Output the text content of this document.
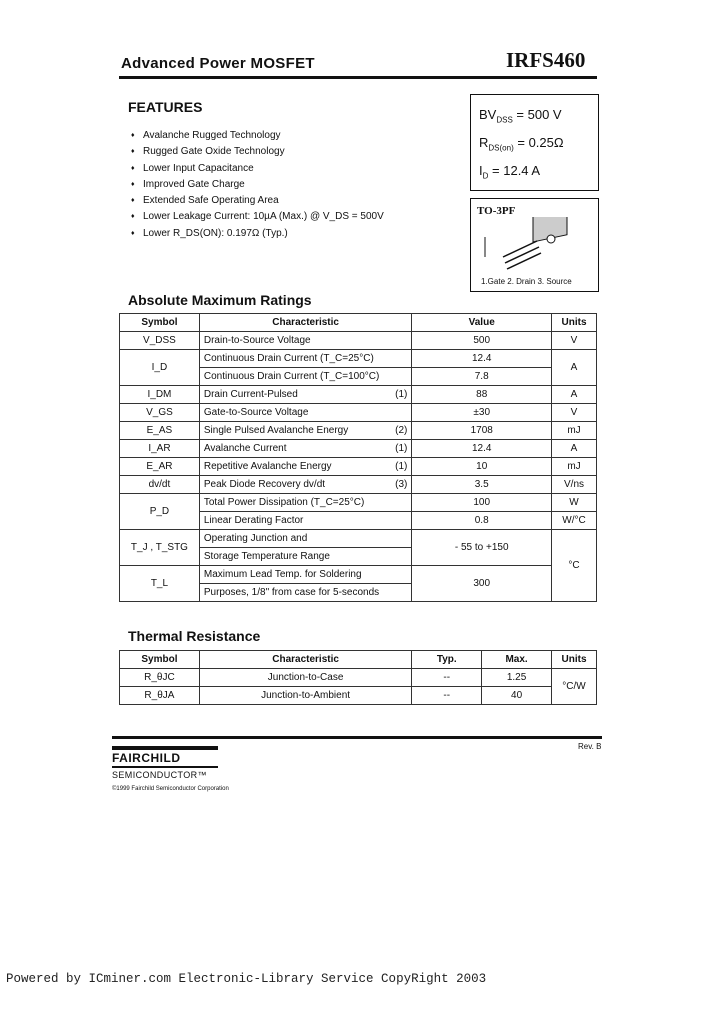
Advanced Power MOSFET	IRFS460
FEATURES
♦ Avalanche Rugged Technology
♦ Rugged Gate Oxide Technology
♦ Lower Input Capacitance
♦ Improved Gate Charge
♦ Extended Safe Operating Area
♦ Lower Leakage Current: 10µA (Max.) @ V_DS = 500V
♦ Lower R_DS(ON): 0.197Ω (Typ.)
$BV_{DSS} = 500$ V
$R_{DS(on)} = 0.25\Omega$
$I_D = 12.4$ A
TO-3PF
1.Gate 2. Drain 3. Source
Absolute Maximum Ratings
Symbol	Characteristic	Value	Units
V_DSS	Drain-to-Source Voltage	500	V
I_D	Continuous Drain Current (T_C=25°C)	12.4	A
	Continuous Drain Current (T_C=100°C)	7.8	
I_DM	Drain Current-Pulsed (1)	88	A
V_GS	Gate-to-Source Voltage	±30	V
E_AS	Single Pulsed Avalanche Energy (2)	1708	mJ
I_AR	Avalanche Current (1)	12.4	A
E_AR	Repetitive Avalanche Energy (1)	10	mJ
dv/dt	Peak Diode Recovery dv/dt (3)	3.5	V/ns
P_D	Total Power Dissipation (T_C=25°C)	100	W
	Linear Derating Factor	0.8	W/°C
T_J , T_STG	Operating Junction and	- 55 to +150	°C
	Storage Temperature Range		
T_L	Maximum Lead Temp. for Soldering	300	
	Purposes, 1/8" from case for 5-seconds		
Thermal Resistance
Symbol	Characteristic	Typ.	Max.	Units
R_θJC	Junction-to-Case	--	1.25	°C/W
R_θJA	Junction-to-Ambient	--	40	
Rev. B
FAIRCHILD
SEMICONDUCTOR™
©1999 Fairchild Semiconductor Corporation
Powered by ICminer.com Electronic-Library Service CopyRight 2003
